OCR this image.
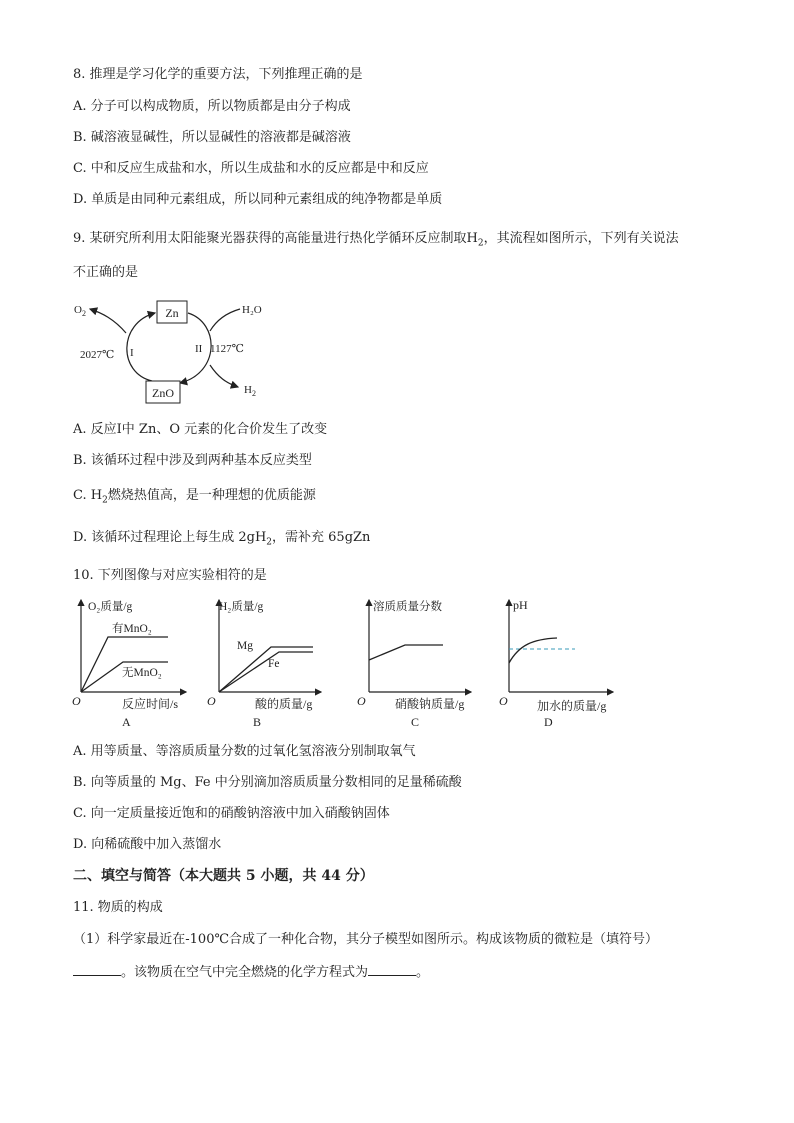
8. 推理是学习化学的重要方法，下列推理正确的是
A. 分子可以构成物质，所以物质都是由分子构成
B. 碱溶液显碱性，所以显碱性的溶液都是碱溶液
C. 中和反应生成盐和水，所以生成盐和水的反应都是中和反应
D. 单质是由同种元素组成，所以同种元素组成的纯净物都是单质
9. 某研究所利用太阳能聚光器获得的高能量进行热化学循环反应制取$H_2$，其流程如图所示，下列有关说法
不正确的是
Zn
ZnO
$O_2$	H₂O
$H_2$
2027℃ I	II 1127℃
A. 反应Ⅰ中 Zn、O 元素的化合价发生了改变
B. 该循环过程中涉及到两种基本反应类型
C. $H_2$燃烧热值高，是一种理想的优质能源
D. 该循环过程理论上每生成 $2gH_2$，需补充 65gZn
10. 下列图像与对应实验相符的是
O₂质量/g
有MnO₂
无MnO₂
O	反应时间/s
A
H₂质量/g
Mg
Fe
O	酸的质量/g
B
溶质质量分数
O 硝酸钠质量/g
C
pH
O 加水的质量/g
D
A. 用等质量、等溶质质量分数的过氧化氢溶液分别制取氧气
B. 向等质量的 Mg、Fe 中分别滴加溶质质量分数相同的足量稀硫酸
C. 向一定质量接近饱和的硝酸钠溶液中加入硝酸钠固体
D. 向稀硫酸中加入蒸馏水
二、填空与简答（本大题共 5 小题，共 44 分）
11. 物质的构成
（1）科学家最近在-100℃合成了一种化合物，其分子模型如图所示。构成该物质的微粒是（填符号）
。该物质在空气中完全燃烧的化学方程式为	。
